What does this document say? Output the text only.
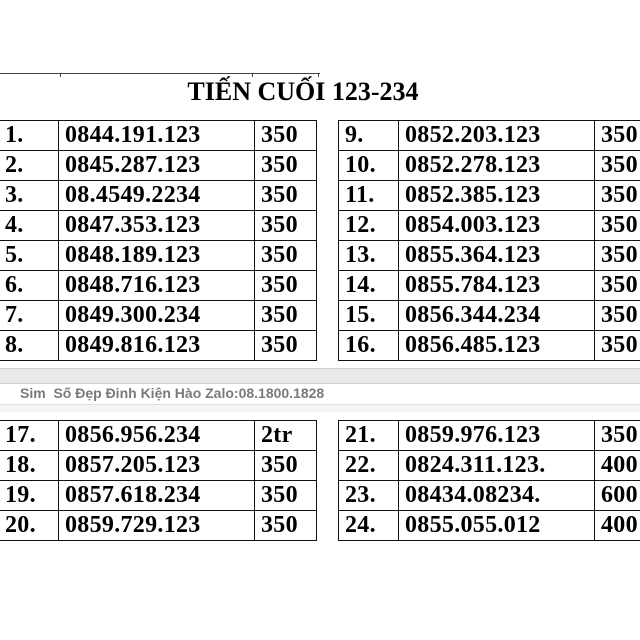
TIẾN CUỐI 123-234
1.	0844.191.123	350
2.	0845.287.123	350
3.	08.4549.2234	350
4.	0847.353.123	350
5.	0848.189.123	350
6.	0848.716.123	350
7.	0849.300.234	350
8.	0849.816.123	350
9.	0852.203.123	350
10.	0852.278.123	350
11.	0852.385.123	350
12.	0854.003.123	350
13.	0855.364.123	350
14.	0855.784.123	350
15.	0856.344.234	350
16.	0856.485.123	350
Sim  Số Đẹp Đinh Kiện Hào Zalo:08.1800.1828
17.	0856.956.234	2tr
18.	0857.205.123	350
19.	0857.618.234	350
20.	0859.729.123	350
21.	0859.976.123	350
22.	0824.311.123.	400
23.	08434.08234.	600
24.	0855.055.012	400
